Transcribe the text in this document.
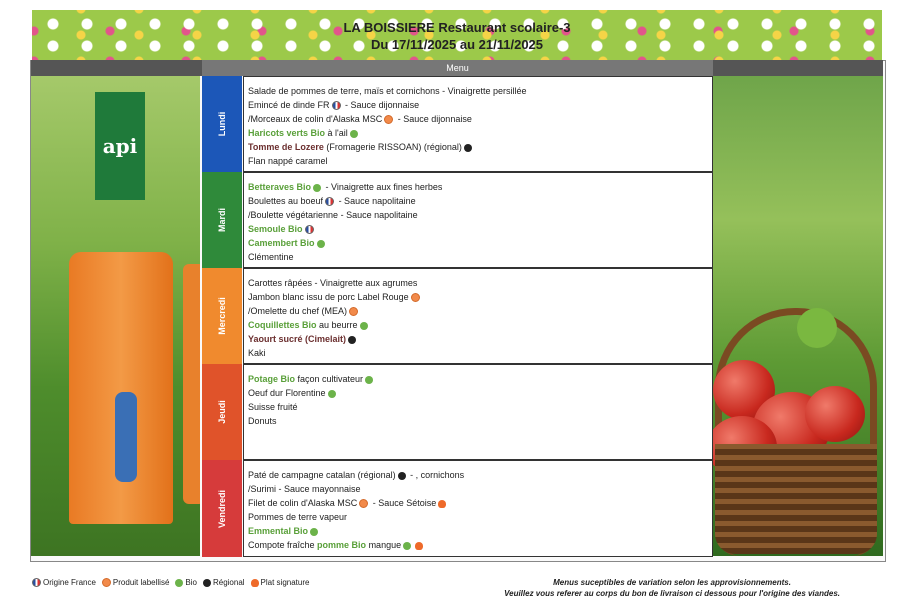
LA BOISSIERE Restaurant scolaire-3
Du 17/11/2025 au 21/11/2025
Menu
api
Lundi
Salade de pommes de terre, maïs et cornichons - Vinaigrette persillée
Emincé de dinde FR - Sauce dijonnaise
/Morceaux de colin d'Alaska MSC - Sauce dijonnaise
Haricots verts Bio à l'ail
Tomme de Lozere (Fromagerie RISSOAN) (régional)
Flan nappé caramel
Mardi
Betteraves Bio - Vinaigrette aux fines herbes
Boulettes au boeuf - Sauce napolitaine
/Boulette végétarienne - Sauce napolitaine
Semoule Bio
Camembert Bio
Clémentine
Mercredi
Carottes râpées - Vinaigrette aux agrumes
Jambon blanc issu de porc Label Rouge
/Omelette du chef (MEA)
Coquillettes Bio au beurre
Yaourt sucré (Cimelait)
Kaki
Jeudi
Potage Bio façon cultivateur
Oeuf dur Florentine
Suisse fruité
Donuts
Vendredi
Paté de campagne catalan (régional) - , cornichons
/Surimi - Sauce mayonnaise
Filet de colin d'Alaska MSC - Sauce Sétoise
Pommes de terre vapeur
Emmental Bio
Compote fraîche pomme Bio mangue
Origine France Produit labellisé Bio Régional Plat signature	Menus suceptibles de variation selon les approvisionnements.
Veuillez vous referer au corps du bon de livraison ci dessous pour l'origine des viandes.
